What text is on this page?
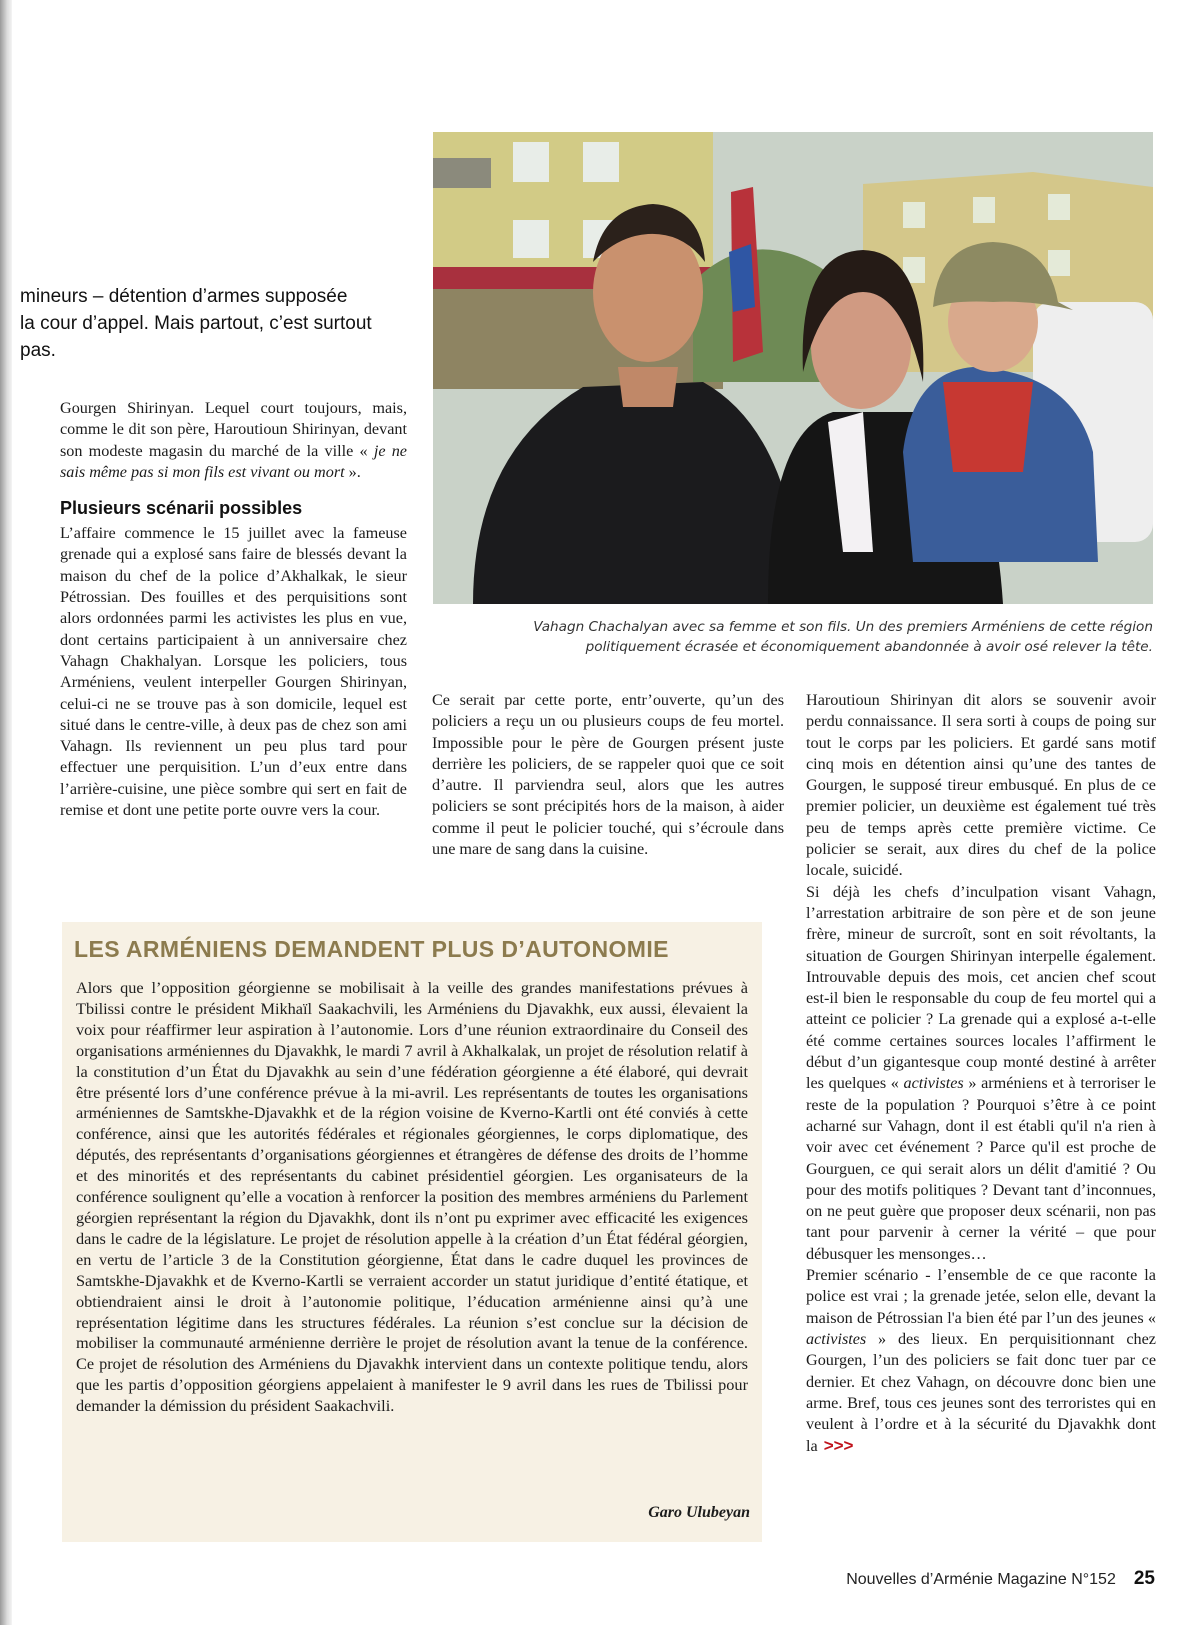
mineurs – détention d’armes supposée
la cour d’appel. Mais partout, c’est surtout
pas.

Gourgen Shirinyan. Lequel court toujours, mais, comme le dit son père, Haroutioun Shirinyan, devant son modeste magasin du marché de la ville « je ne sais même pas si mon fils est vivant ou mort ».

Plusieurs scénarii possibles

L’affaire commence le 15 juillet avec la fameuse grenade qui a explosé sans faire de blessés devant la maison du chef de la police d’Akhalkak, le sieur Pétrossian. Des fouilles et des perquisitions sont alors ordonnées parmi les activistes les plus en vue, dont certains participaient à un anniversaire chez Vahagn Chakhalyan. Lorsque les policiers, tous Arméniens, veulent interpeller Gourgen Shirinyan, celui-ci ne se trouve pas à son domicile, lequel est situé dans le centre-ville, à deux pas de chez son ami Vahagn. Ils reviennent un peu plus tard pour effectuer une perquisition. L’un d’eux entre dans l’arrière-cuisine, une pièce sombre qui sert en fait de remise et dont une petite porte ouvre vers la cour.

Vahagn Chachalyan avec sa femme et son fils. Un des premiers Arméniens de cette région
politiquement écrasée et économiquement abandonnée à avoir osé relever la tête.

Ce serait par cette porte, entr’ouverte, qu’un des policiers a reçu un ou plusieurs coups de feu mortel. Impossible pour le père de Gourgen présent juste derrière les policiers, de se rappeler quoi que ce soit d’autre. Il parviendra seul, alors que les autres policiers se sont précipités hors de la maison, à aider comme il peut le policier touché, qui s’écroule dans une mare de sang dans la cuisine.

Haroutioun Shirinyan dit alors se souvenir avoir perdu connaissance. Il sera sorti à coups de poing sur tout le corps par les policiers. Et gardé sans motif cinq mois en détention ainsi qu’une des tantes de Gourgen, le supposé tireur embusqué. En plus de ce premier policier, un deuxième est également tué très peu de temps après cette première victime. Ce policier se serait, aux dires du chef de la police locale, suicidé.

Si déjà les chefs d’inculpation visant Vahagn, l’arrestation arbitraire de son père et de son jeune frère, mineur de surcroît, sont en soit révoltants, la situation de Gourgen Shirinyan interpelle également. Introuvable depuis des mois, cet ancien chef scout est-il bien le responsable du coup de feu mortel qui a atteint ce policier ? La grenade qui a explosé a-t-elle été comme certaines sources locales l’affirment le début d’un gigantesque coup monté destiné à arrêter les quelques « activistes » arméniens et à terroriser le reste de la population ? Pourquoi s’être à ce point acharné sur Vahagn, dont il est établi qu'il n'a rien à voir avec cet événement ? Parce qu'il est proche de Gourguen, ce qui serait alors un délit d'amitié ? Ou pour des motifs politiques ? Devant tant d’inconnues, on ne peut guère que proposer deux scénarii, non pas tant pour parvenir à cerner la vérité – que pour débusquer les mensonges…

Premier scénario - l’ensemble de ce que raconte la police est vrai ; la grenade jetée, selon elle, devant la maison de Pétrossian l'a bien été par l’un des jeunes « activistes » des lieux. En perquisitionnant chez Gourgen, l’un des policiers se fait donc tuer par ce dernier. Et chez Vahagn, on découvre donc bien une arme. Bref, tous ces jeunes sont des terroristes qui en veulent à l’ordre et à la sécurité du Djavakhk dont la >>>

LES ARMÉNIENS DEMANDENT PLUS D’AUTONOMIE

Alors que l’opposition géorgienne se mobilisait à la veille des grandes manifestations prévues à Tbilissi contre le président Mikhaïl Saakachvili, les Arméniens du Djavakhk, eux aussi, élevaient la voix pour réaffirmer leur aspiration à l’autonomie. Lors d’une réunion extraordinaire du Conseil des organisations arméniennes du Djavakhk, le mardi 7 avril à Akhalkalak, un projet de résolution relatif à la constitution d’un État du Djavakhk au sein d’une fédération géorgienne a été élaboré, qui devrait être présenté lors d’une conférence prévue à la mi-avril. Les représentants de toutes les organisations arméniennes de Samtskhe-Djavakhk et de la région voisine de Kverno-Kartli ont été conviés à cette conférence, ainsi que les autorités fédérales et régionales géorgiennes, le corps diplomatique, des députés, des représentants d’organisations géorgiennes et étrangères de défense des droits de l’homme et des minorités et des représentants du cabinet présidentiel géorgien. Les organisateurs de la conférence soulignent qu’elle a vocation à renforcer la position des membres arméniens du Parlement géorgien représentant la région du Djavakhk, dont ils n’ont pu exprimer avec efficacité les exigences dans le cadre de la législature. Le projet de résolution appelle à la création d’un État fédéral géorgien, en vertu de l’article 3 de la Constitution géorgienne, État dans le cadre duquel les provinces de Samtskhe-Djavakhk et de Kverno-Kartli se verraient accorder un statut juridique d’entité étatique, et obtiendraient ainsi le droit à l’autonomie politique, l’éducation arménienne ainsi qu’à une représentation légitime dans les structures fédérales. La réunion s’est conclue sur la décision de mobiliser la communauté arménienne derrière le projet de résolution avant la tenue de la conférence. Ce projet de résolution des Arméniens du Djavakhk intervient dans un contexte politique tendu, alors que les partis d’opposition géorgiens appelaient à manifester le 9 avril dans les rues de Tbilissi pour demander la démission du président Saakachvili.

Garo Ulubeyan
Nouvelles d’Arménie Magazine N°152 25
